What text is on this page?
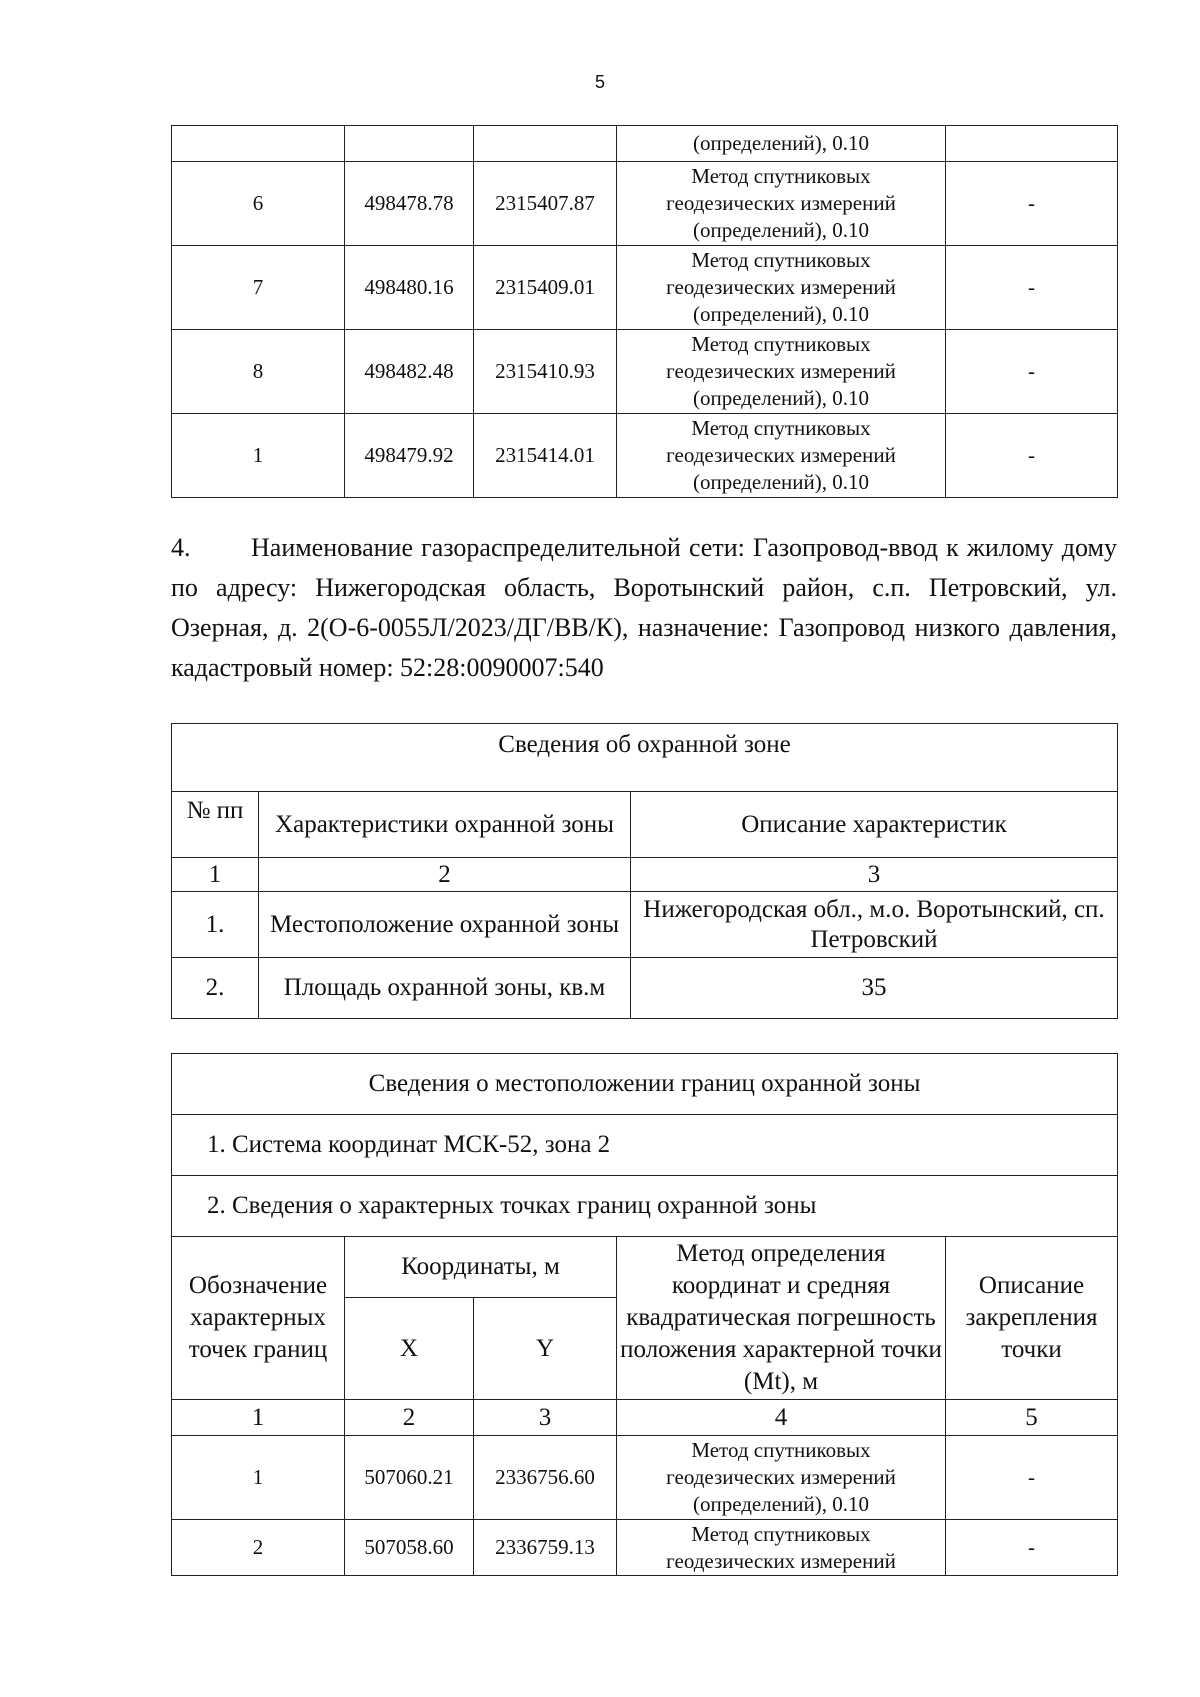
5

			(определений), 0.10	

6	498478.78	2315407.87	Метод спутниковых
геодезических измерений
(определений), 0.10	-
7	498480.16	2315409.01	Метод спутниковых
геодезических измерений
(определений), 0.10	-
8	498482.48	2315410.93	Метод спутниковых
геодезических измерений
(определений), 0.10	-
1	498479.92	2315414.01	Метод спутниковых
геодезических измерений
(определений), 0.10	-

4. Наименование газораспределительной сети: Газопровод-ввод к жилому дому по адресу: Нижегородская область, Воротынский район, с.п. Петровский, ул. Озерная, д. 2(О-6-0055Л/2023/ДГ/ВВ/К), назначение: Газопровод низкого давления, кадастровый номер: 52:28:0090007:540

Сведения об охранной зоне		
№ пп	Характеристики охранной зоны	Описание характеристик
1	2	3
1.	Местоположение охранной зоны	Нижегородская обл., м.о. Воротынский, сп. Петровский
2.	Площадь охранной зоны, кв.м	35
Сведения о местоположении границ охранной зоны				
1. Система координат МСК-52, зона 2				
2. Сведения о характерных точках границ охранной зоны				
Обозначение характерных точек границ	Координаты, м		Метод определения координат и средняя квадратическая погрешность положения характерной точки (Mt), м	Описание закрепления точки
	X	Y		
1	2	3	4	5
1	507060.21	2336756.60	Метод спутниковых
геодезических измерений
(определений), 0.10	-
2	507058.60	2336759.13	Метод спутниковых
геодезических измерений	-
